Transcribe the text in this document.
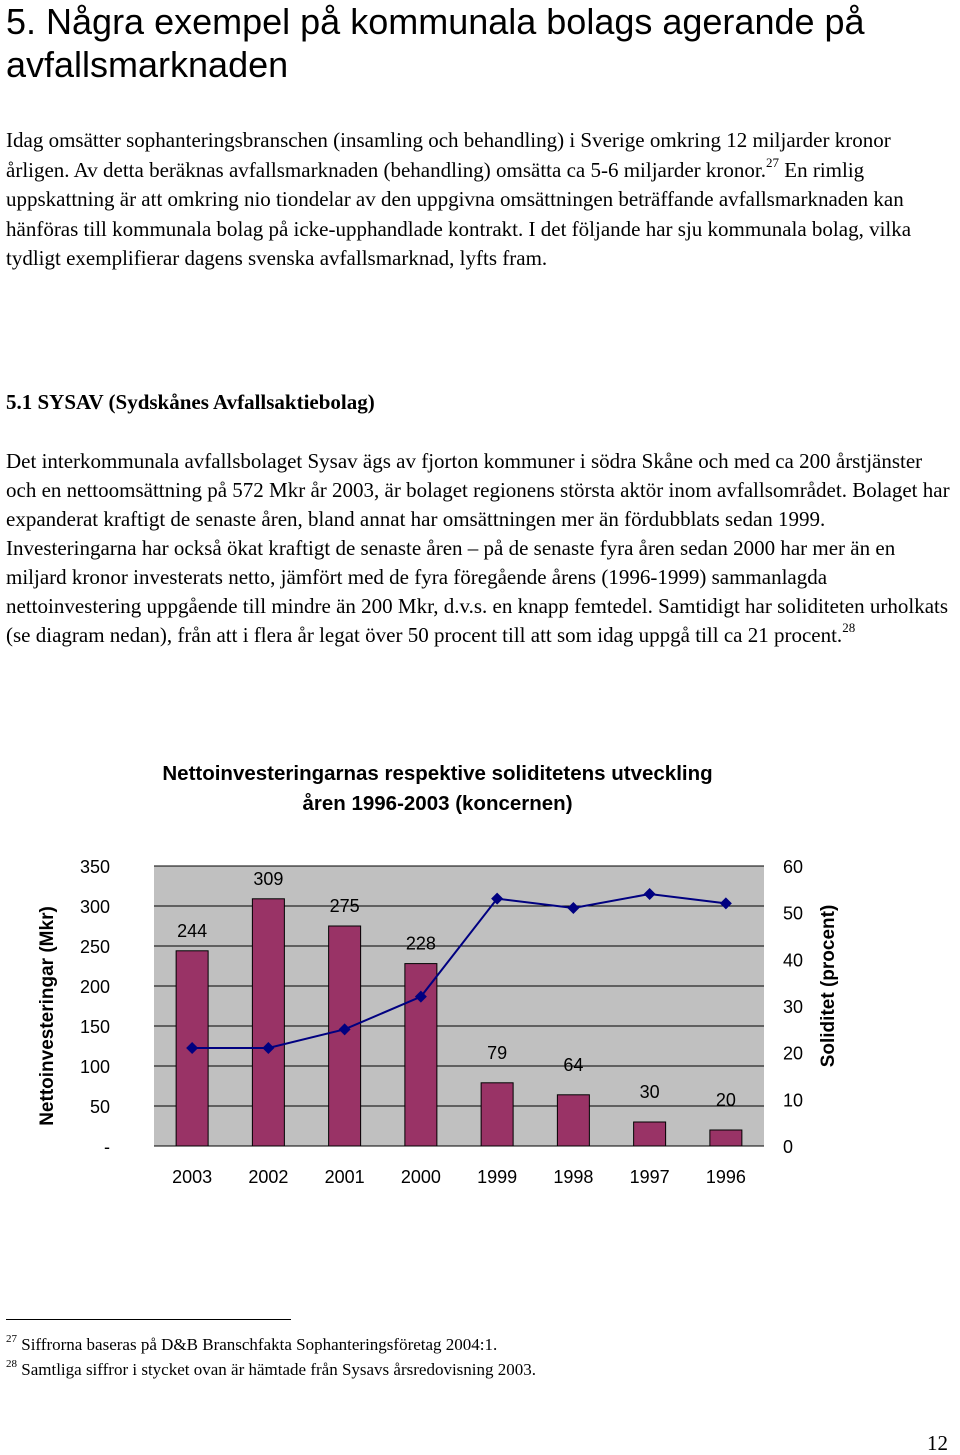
5. Några exempel på kommunala bolags agerande på avfallsmarknaden

Idag omsätter sophanteringsbranschen (insamling och behandling) i Sverige omkring 12 miljarder kronor årligen. Av detta beräknas avfallsmarknaden (behandling) omsätta ca 5-6 miljarder kronor.$^{27}$ En rimlig uppskattning är att omkring nio tiondelar av den uppgivna omsättningen beträffande avfallsmarknaden kan hänföras till kommunala bolag på icke-upphandlade kontrakt. I det följande har sju kommunala bolag, vilka tydligt exemplifierar dagens svenska avfallsmarknad, lyfts fram.

5.1 SYSAV (Sydskånes Avfallsaktiebolag)

Det interkommunala avfallsbolaget Sysav ägs av fjorton kommuner i södra Skåne och med ca 200 årstjänster och en nettoomsättning på 572 Mkr år 2003, är bolaget regionens största aktör inom avfallsområdet. Bolaget har expanderat kraftigt de senaste åren, bland annat har omsättningen mer än fördubblats sedan 1999. Investeringarna har också ökat kraftigt de senaste åren – på de senaste fyra åren sedan 2000 har mer än en miljard kronor investerats netto, jämfört med de fyra föregående årens (1996-1999) sammanlagda nettoinvestering uppgående till mindre än 200 Mkr, d.v.s. en knapp femtedel. Samtidigt har soliditeten urholkats (se diagram nedan), från att i flera år legat över 50 procent till att som idag uppgå till ca 21 procent.$^{28}$

Nettoinvesteringarnas respektive soliditetens utveckling
åren 1996-2003 (koncernen)
-
50
100
150
200
250
300
350
0
10
20
30
40
50
60
244
2003
309
2002
275
2001
228
2000
79
1999
64
1998
30
1997
20
1996
Nettoinvesteringar (Mkr)	Soliditet (procent)

$^{27}$ Siffrorna baseras på D&B Branschfakta Sophanteringsföretag 2004:1.

$^{28}$ Samtliga siffror i stycket ovan är hämtade från Sysavs årsredovisning 2003.

12
